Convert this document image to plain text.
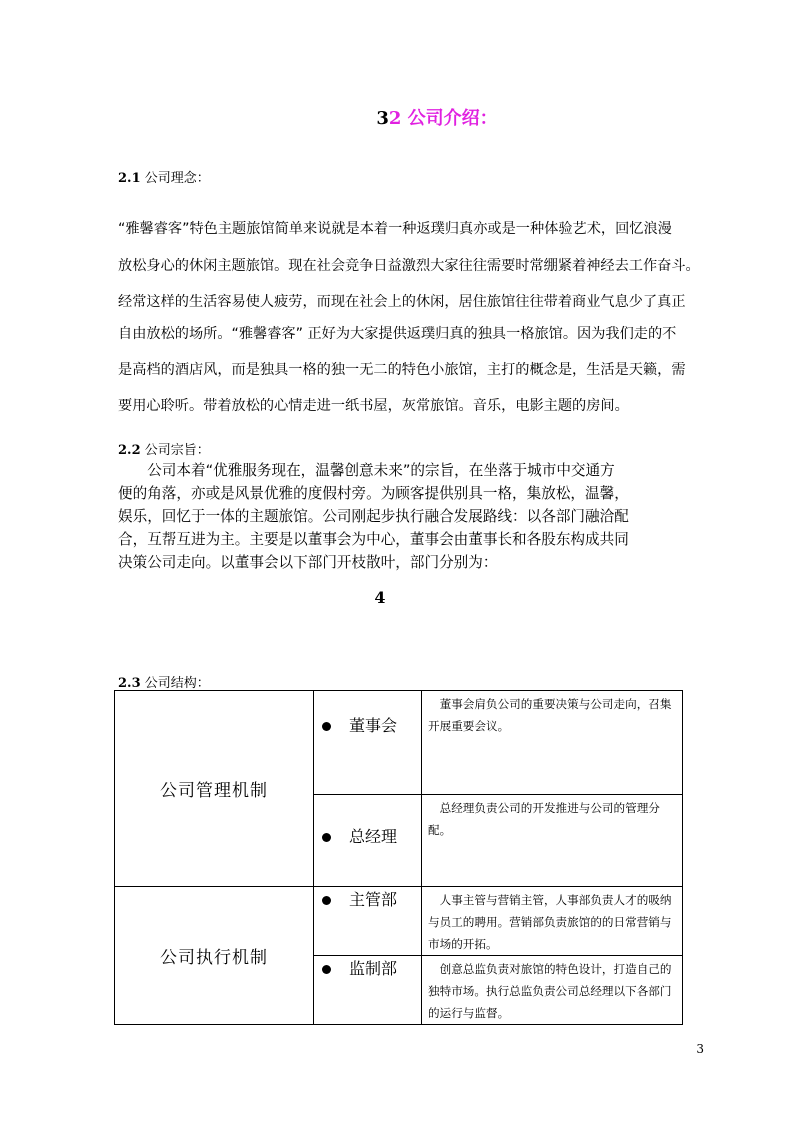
32 公司介绍：
2.1 公司理念：
“雅馨睿客”特色主题旅馆简单来说就是本着一种返璞归真亦或是一种体验艺术，回忆浪漫
放松身心的休闲主题旅馆。现在社会竞争日益激烈大家往往需要时常绷紧着神经去工作奋斗。
经常这样的生活容易使人疲劳，而现在社会上的休闲，居住旅馆往往带着商业气息少了真正
自由放松的场所。“雅馨睿客” 正好为大家提供返璞归真的独具一格旅馆。因为我们走的不
是高档的酒店风，而是独具一格的独一无二的特色小旅馆，主打的概念是，生活是天籁，需
要用心聆听。带着放松的心情走进一纸书屋，灰常旅馆。音乐，电影主题的房间。
2.2 公司宗旨：
　　公司本着“优雅服务现在，温馨创意未来”的宗旨，在坐落于城市中交通方
便的角落，亦或是风景优雅的度假村旁。为顾客提供别具一格，集放松，温馨，
娱乐，回忆于一体的主题旅馆。公司刚起步执行融合发展路线：以各部门融洽配
合，互帮互进为主。主要是以董事会为中心，董事会由董事长和各股东构成共同
决策公司走向。以董事会以下部门开枝散叶，部门分别为：
4
2.3 公司结构：
公司管理机制	董事会	　董事会肩负公司的重要决策与公司走向，召集开展重要会议。

	总经理	　总经理负责公司的开发推进与公司的管理分配。
公司执行机制	主管部	　人事主管与营销主管，人事部负责人才的吸纳与员工的聘用。营销部负责旅馆的的日常营销与市场的开拓。

	监制部	　创意总监负责对旅馆的特色设计，打造自己的独特市场。执行总监负责公司总经理以下各部门的运行与监督。
3
